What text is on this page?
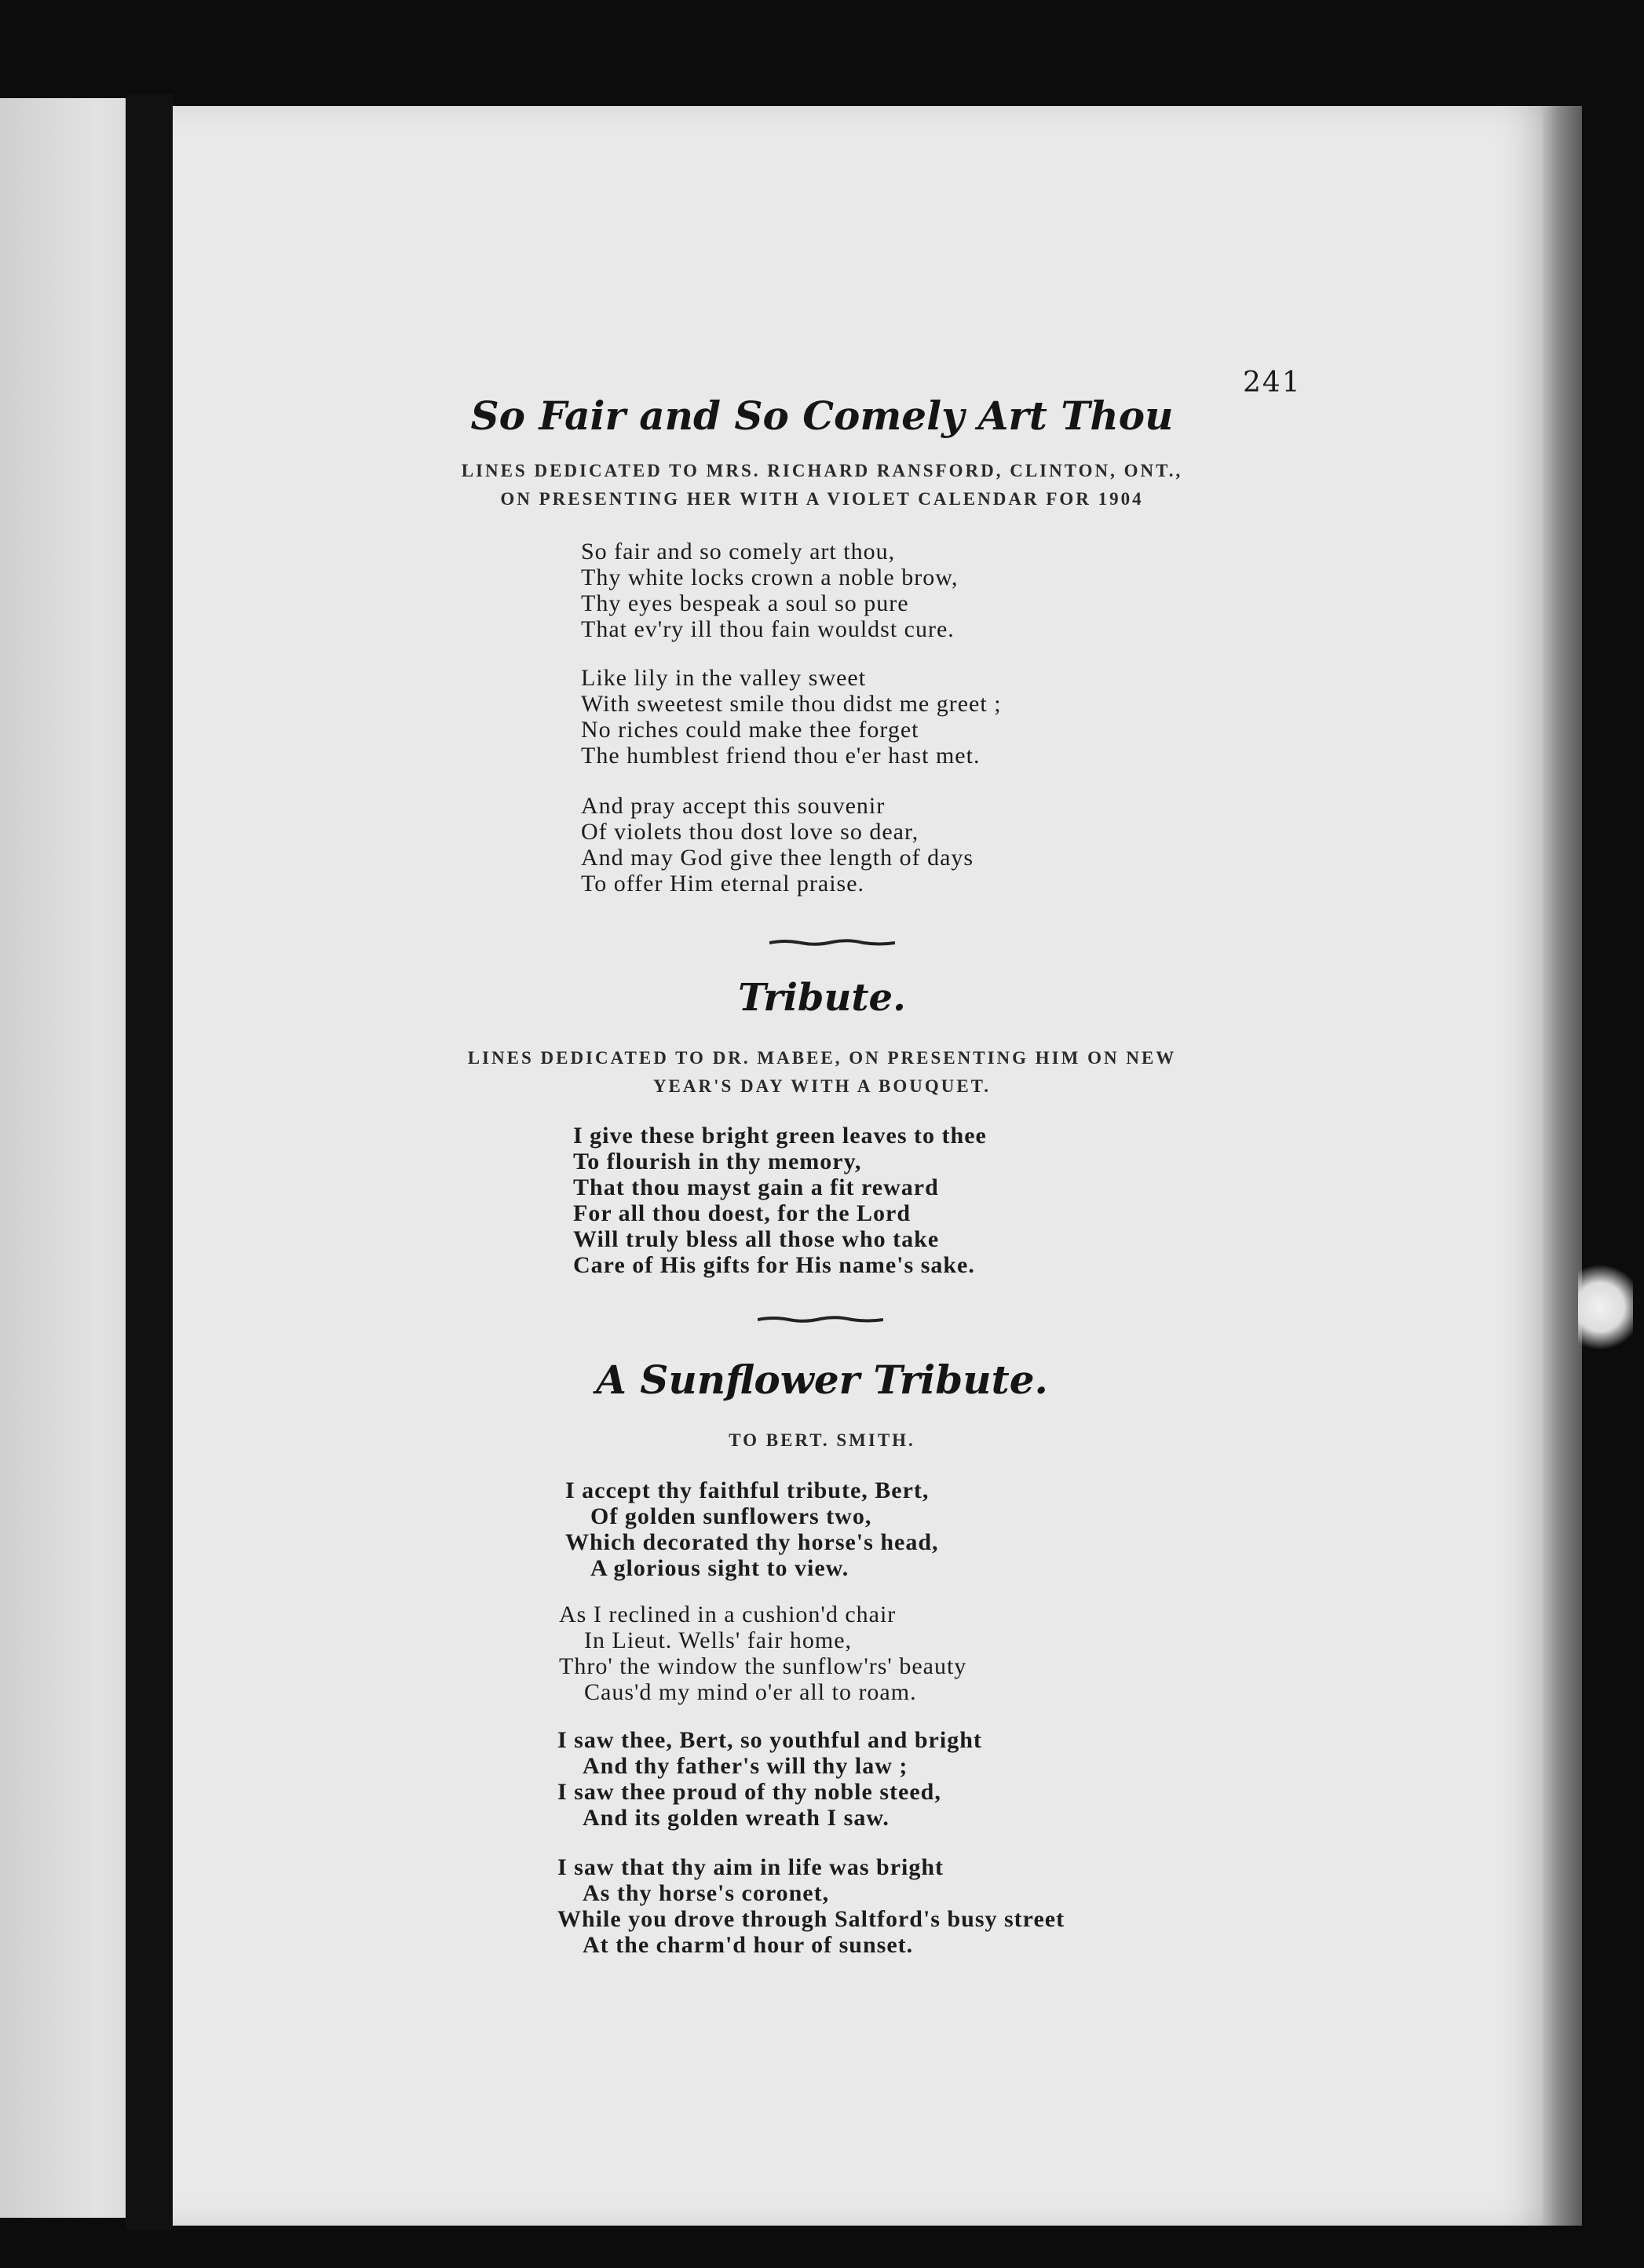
241
So Fair and So Comely Art Thou
LINES DEDICATED TO MRS. RICHARD RANSFORD, CLINTON, ONT.,
ON PRESENTING HER WITH A VIOLET CALENDAR FOR 1904
So fair and so comely art thou,
Thy white locks crown a noble brow,
Thy eyes bespeak a soul so pure
That ev'ry ill thou fain wouldst cure.
Like lily in the valley sweet
With sweetest smile thou didst me greet ;
No riches could make thee forget
The humblest friend thou e'er hast met.
And pray accept this souvenir
Of violets thou dost love so dear,
And may God give thee length of days
To offer Him eternal praise.
Tribute.
LINES DEDICATED TO DR. MABEE, ON PRESENTING HIM ON NEW
YEAR'S DAY WITH A BOUQUET.
I give these bright green leaves to thee
To flourish in thy memory,
That thou mayst gain a fit reward
For all thou doest, for the Lord
Will truly bless all those who take
Care of His gifts for His name's sake.
A Sunflower Tribute.
TO BERT. SMITH.
I accept thy faithful tribute, Bert,
Of golden sunflowers two,
Which decorated thy horse's head,
A glorious sight to view.
As I reclined in a cushion'd chair
In Lieut. Wells' fair home,
Thro' the window the sunflow'rs' beauty
Caus'd my mind o'er all to roam.
I saw thee, Bert, so youthful and bright
And thy father's will thy law ;
I saw thee proud of thy noble steed,
And its golden wreath I saw.
I saw that thy aim in life was bright
As thy horse's coronet,
While you drove through Saltford's busy street
At the charm'd hour of sunset.
